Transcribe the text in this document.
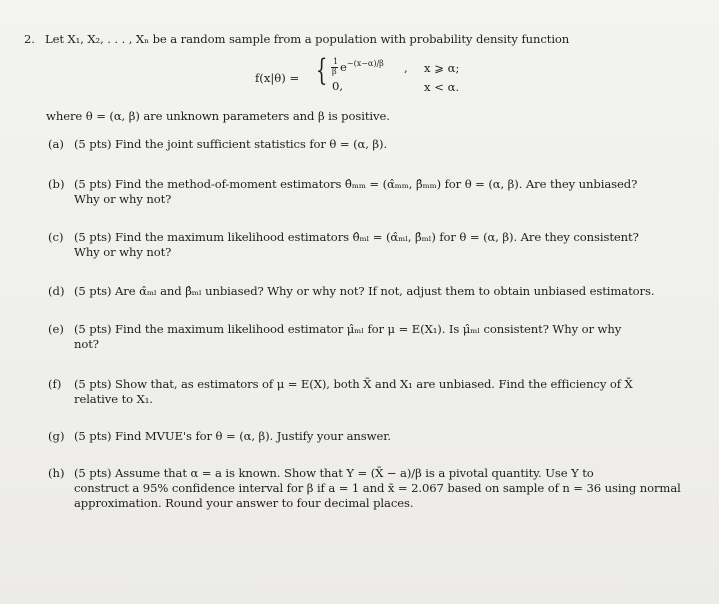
2. Let X₁, X₂, . . . , Xₙ be a random sample from a population with probability density function
f(x|θ) = { 1
β $e^{-(x-\alpha)/\beta}$ , x ⩾ α;
0,	x < α.
where θ = (α, β) are unknown parameters and β is positive.
(a) (5 pts) Find the joint sufficient statistics for θ = (α, β).
(b) (5 pts) Find the method-of-moment estimators θ̂ₘₘ = (α̂ₘₘ, β̂ₘₘ) for θ = (α, β). Are they unbiased?
Why or why not?
(c) (5 pts) Find the maximum likelihood estimators θ̂ₘₗ = (α̂ₘₗ, β̂ₘₗ) for θ = (α, β). Are they consistent?
Why or why not?
(d) (5 pts) Are α̂ₘₗ and β̂ₘₗ unbiased? Why or why not? If not, adjust them to obtain unbiased estimators.
(e) (5 pts) Find the maximum likelihood estimator μ̂ₘₗ for μ = E(X₁). Is μ̂ₘₗ consistent? Why or why
not?
(f) (5 pts) Show that, as estimators of μ = E(X), both X̄ and X₁ are unbiased. Find the efficiency of X̄
relative to X₁.
(g) (5 pts) Find MVUE's for θ = (α, β). Justify your answer.
(h) (5 pts) Assume that α = a is known. Show that Y = (X̄ − a)/β is a pivotal quantity. Use Y to
construct a 95% confidence interval for β if a = 1 and x̄ = 2.067 based on sample of n = 36 using normal
approximation. Round your answer to four decimal places.
